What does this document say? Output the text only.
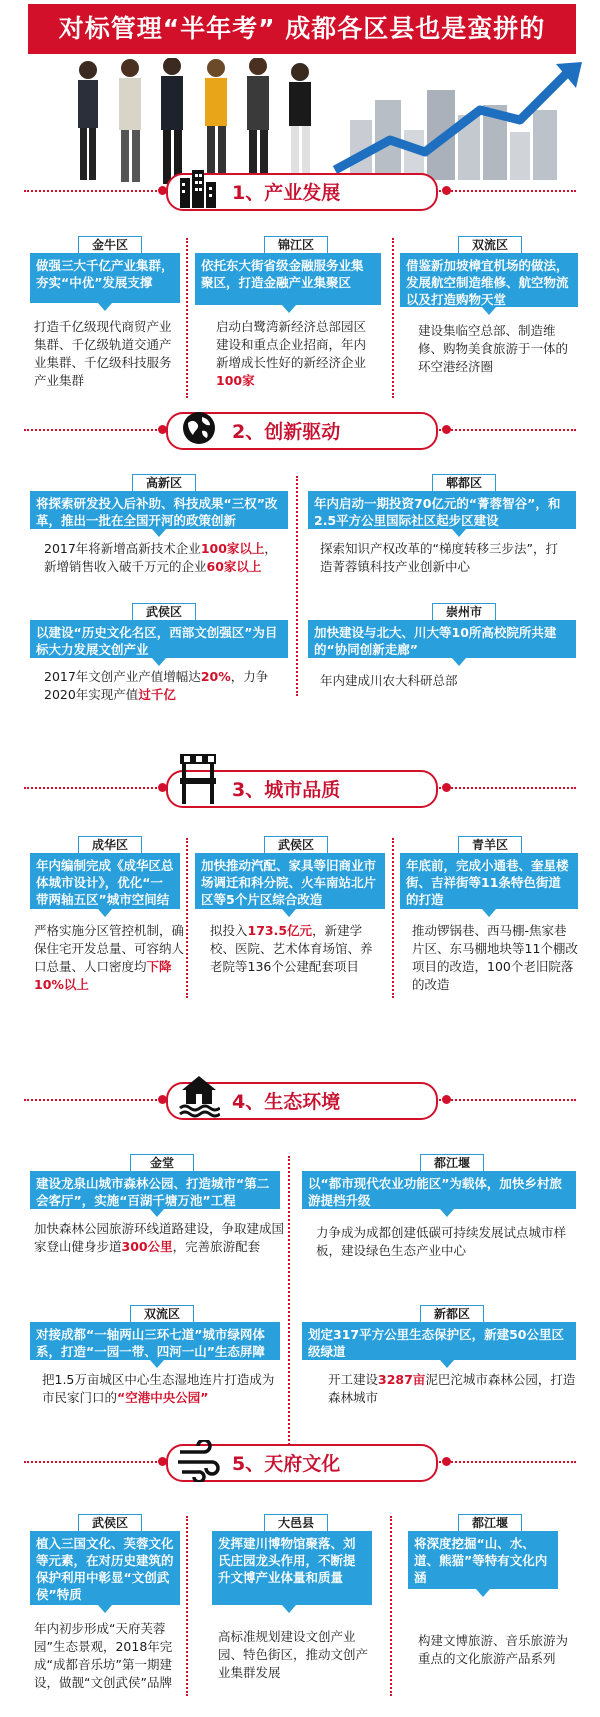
对标管理“半年考” 成都各区县也是蛮拼的
1、产业发展
金牛区
做强三大千亿产业集群，夯实“中优”发展支撑
打造千亿级现代商贸产业集群、千亿级轨道交通产业集群、千亿级科技服务产业集群
锦江区
依托东大街省级金融服务业集聚区，打造金融产业集聚区
启动白鹭湾新经济总部园区建设和重点企业招商，年内新增成长性好的新经济企业100家
双流区
借鉴新加坡樟宜机场的做法，发展航空制造维修、航空物流以及打造购物天堂
建设集临空总部、制造维修、购物美食旅游于一体的环空港经济圈
2、创新驱动
高新区
将探索研发投入后补助、科技成果“三权”改革，推出一批在全国开河的政策创新
2017年将新增高新技术企业100家以上，新增销售收入破千万元的企业60家以上
郫都区
年内启动一期投资70亿元的“菁蓉智谷”，和2.5平方公里国际社区起步区建设
探索知识产权改革的“梯度转移三步法”，打造菁蓉镇科技产业创新中心
武侯区
以建设“历史文化名区，西部文创强区”为目标大力发展文创产业
2017年文创产业产值增幅达20%，力争2020年实现产值过千亿
崇州市
加快建设与北大、川大等10所高校院所共建的“协同创新走廊”
年内建成川农大科研总部
3、城市品质
成华区
年内编制完成《成华区总体城市设计》，优化“一带两轴五区”城市空间结构
严格实施分区管控机制，确保住宅开发总量、可容纳人口总量、人口密度均下降10%以上
武侯区
加快推动汽配、家具等旧商业市场调迁和科分院、火车南站北片区等5个片区综合改造
拟投入173.5亿元，新建学校、医院、艺术体育场馆、养老院等136个公建配套项目
青羊区
年底前，完成小通巷、奎星楼街、吉祥街等11条特色街道的打造
推动锣锅巷、西马棚-焦家巷片区、东马棚地块等11个棚改项目的改造，100个老旧院落的改造
4、生态环境
金堂
建设龙泉山城市森林公园、打造城市“第二会客厅”，实施“百湖千塘万池”工程
加快森林公园旅游环线道路建设，争取建成国家登山健身步道300公里，完善旅游配套
都江堰
以“都市现代农业功能区”为载体，加快乡村旅游提档升级
力争成为成都创建低碳可持续发展试点城市样板，建设绿色生态产业中心
双流区
对接成都“一轴两山三环七道”城市绿网体系，打造“一园一带、四河一山”生态屏障
把1.5万亩城区中心生态湿地连片打造成为市民家门口的“空港中央公园”
新都区
划定317平方公里生态保护区，新建50公里区级绿道
开工建设3287亩泥巴沱城市森林公园，打造森林城市
5、天府文化
武侯区
植入三国文化、芙蓉文化等元素，在对历史建筑的保护利用中彰显“文创武侯”特质
年内初步形成“天府芙蓉园”生态景观，2018年完成“成都音乐坊”第一期建设，做靓“文创武侯”品牌
大邑县
发挥建川博物馆聚落、刘氏庄园龙头作用，不断提升文博产业体量和质量
高标准规划建设文创产业园、特色街区，推动文创产业集群发展
都江堰
将深度挖掘“山、水、道、熊猫”等特有文化内涵
构建文博旅游、音乐旅游为重点的文化旅游产品系列
